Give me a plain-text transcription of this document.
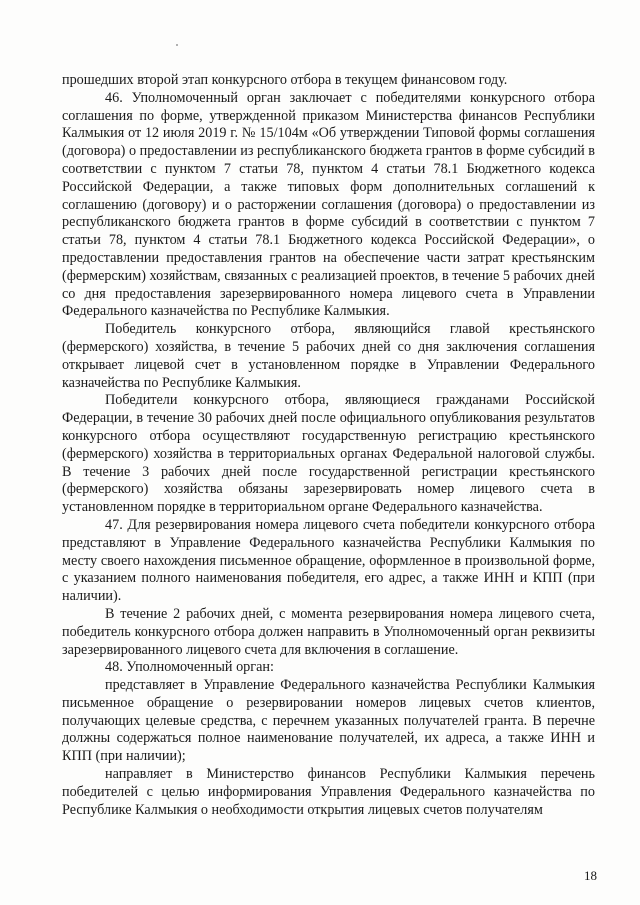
прошедших второй этап конкурсного отбора в текущем финансовом году.

46. Уполномоченный орган заключает с победителями конкурсного отбора соглашения по форме, утвержденной приказом Министерства финансов Республики Калмыкия от 12 июля 2019 г. № 15/104м «Об утверждении Типовой формы соглашения (договора) о предоставлении из республиканского бюджета грантов в форме субсидий в соответствии с пунктом 7 статьи 78, пунктом 4 статьи 78.1 Бюджетного кодекса Российской Федерации, а также типовых форм дополнительных соглашений к соглашению (договору) и о расторжении соглашения (договора) о предоставлении из республиканского бюджета грантов в форме субсидий в соответствии с пунктом 7 статьи 78, пунктом 4 статьи 78.1 Бюджетного кодекса Российской Федерации», о предоставлении предоставления грантов на обеспечение части затрат крестьянским (фермерским) хозяйствам, связанных с реализацией проектов, в течение 5 рабочих дней со дня предоставления зарезервированного номера лицевого счета в Управлении Федерального казначейства по Республике Калмыкия.

Победитель конкурсного отбора, являющийся главой крестьянского (фермерского) хозяйства, в течение 5 рабочих дней со дня заключения соглашения открывает лицевой счет в установленном порядке в Управлении Федерального казначейства по Республике Калмыкия.

Победители конкурсного отбора, являющиеся гражданами Российской Федерации, в течение 30 рабочих дней после официального опубликования результатов конкурсного отбора осуществляют государственную регистрацию крестьянского (фермерского) хозяйства в территориальных органах Федеральной налоговой службы. В течение 3 рабочих дней после государственной регистрации крестьянского (фермерского) хозяйства обязаны зарезервировать номер лицевого счета в установленном порядке в территориальном органе Федерального казначейства.

47. Для резервирования номера лицевого счета победители конкурсного отбора представляют в Управление Федерального казначейства Республики Калмыкия по месту своего нахождения письменное обращение, оформленное в произвольной форме, с указанием полного наименования победителя, его адрес, а также ИНН и КПП (при наличии).

В течение 2 рабочих дней, с момента резервирования номера лицевого счета, победитель конкурсного отбора должен направить в Уполномоченный орган реквизиты зарезервированного лицевого счета для включения в соглашение.

48. Уполномоченный орган:

представляет в Управление Федерального казначейства Республики Калмыкия письменное обращение о резервировании номеров лицевых счетов клиентов, получающих целевые средства, с перечнем указанных получателей гранта. В перечне должны содержаться полное наименование получателей, их адреса, а также ИНН и КПП (при наличии);

направляет в Министерство финансов Республики Калмыкия перечень победителей с целью информирования Управления Федерального казначейства по Республике Калмыкия о необходимости открытия лицевых счетов получателям

18
